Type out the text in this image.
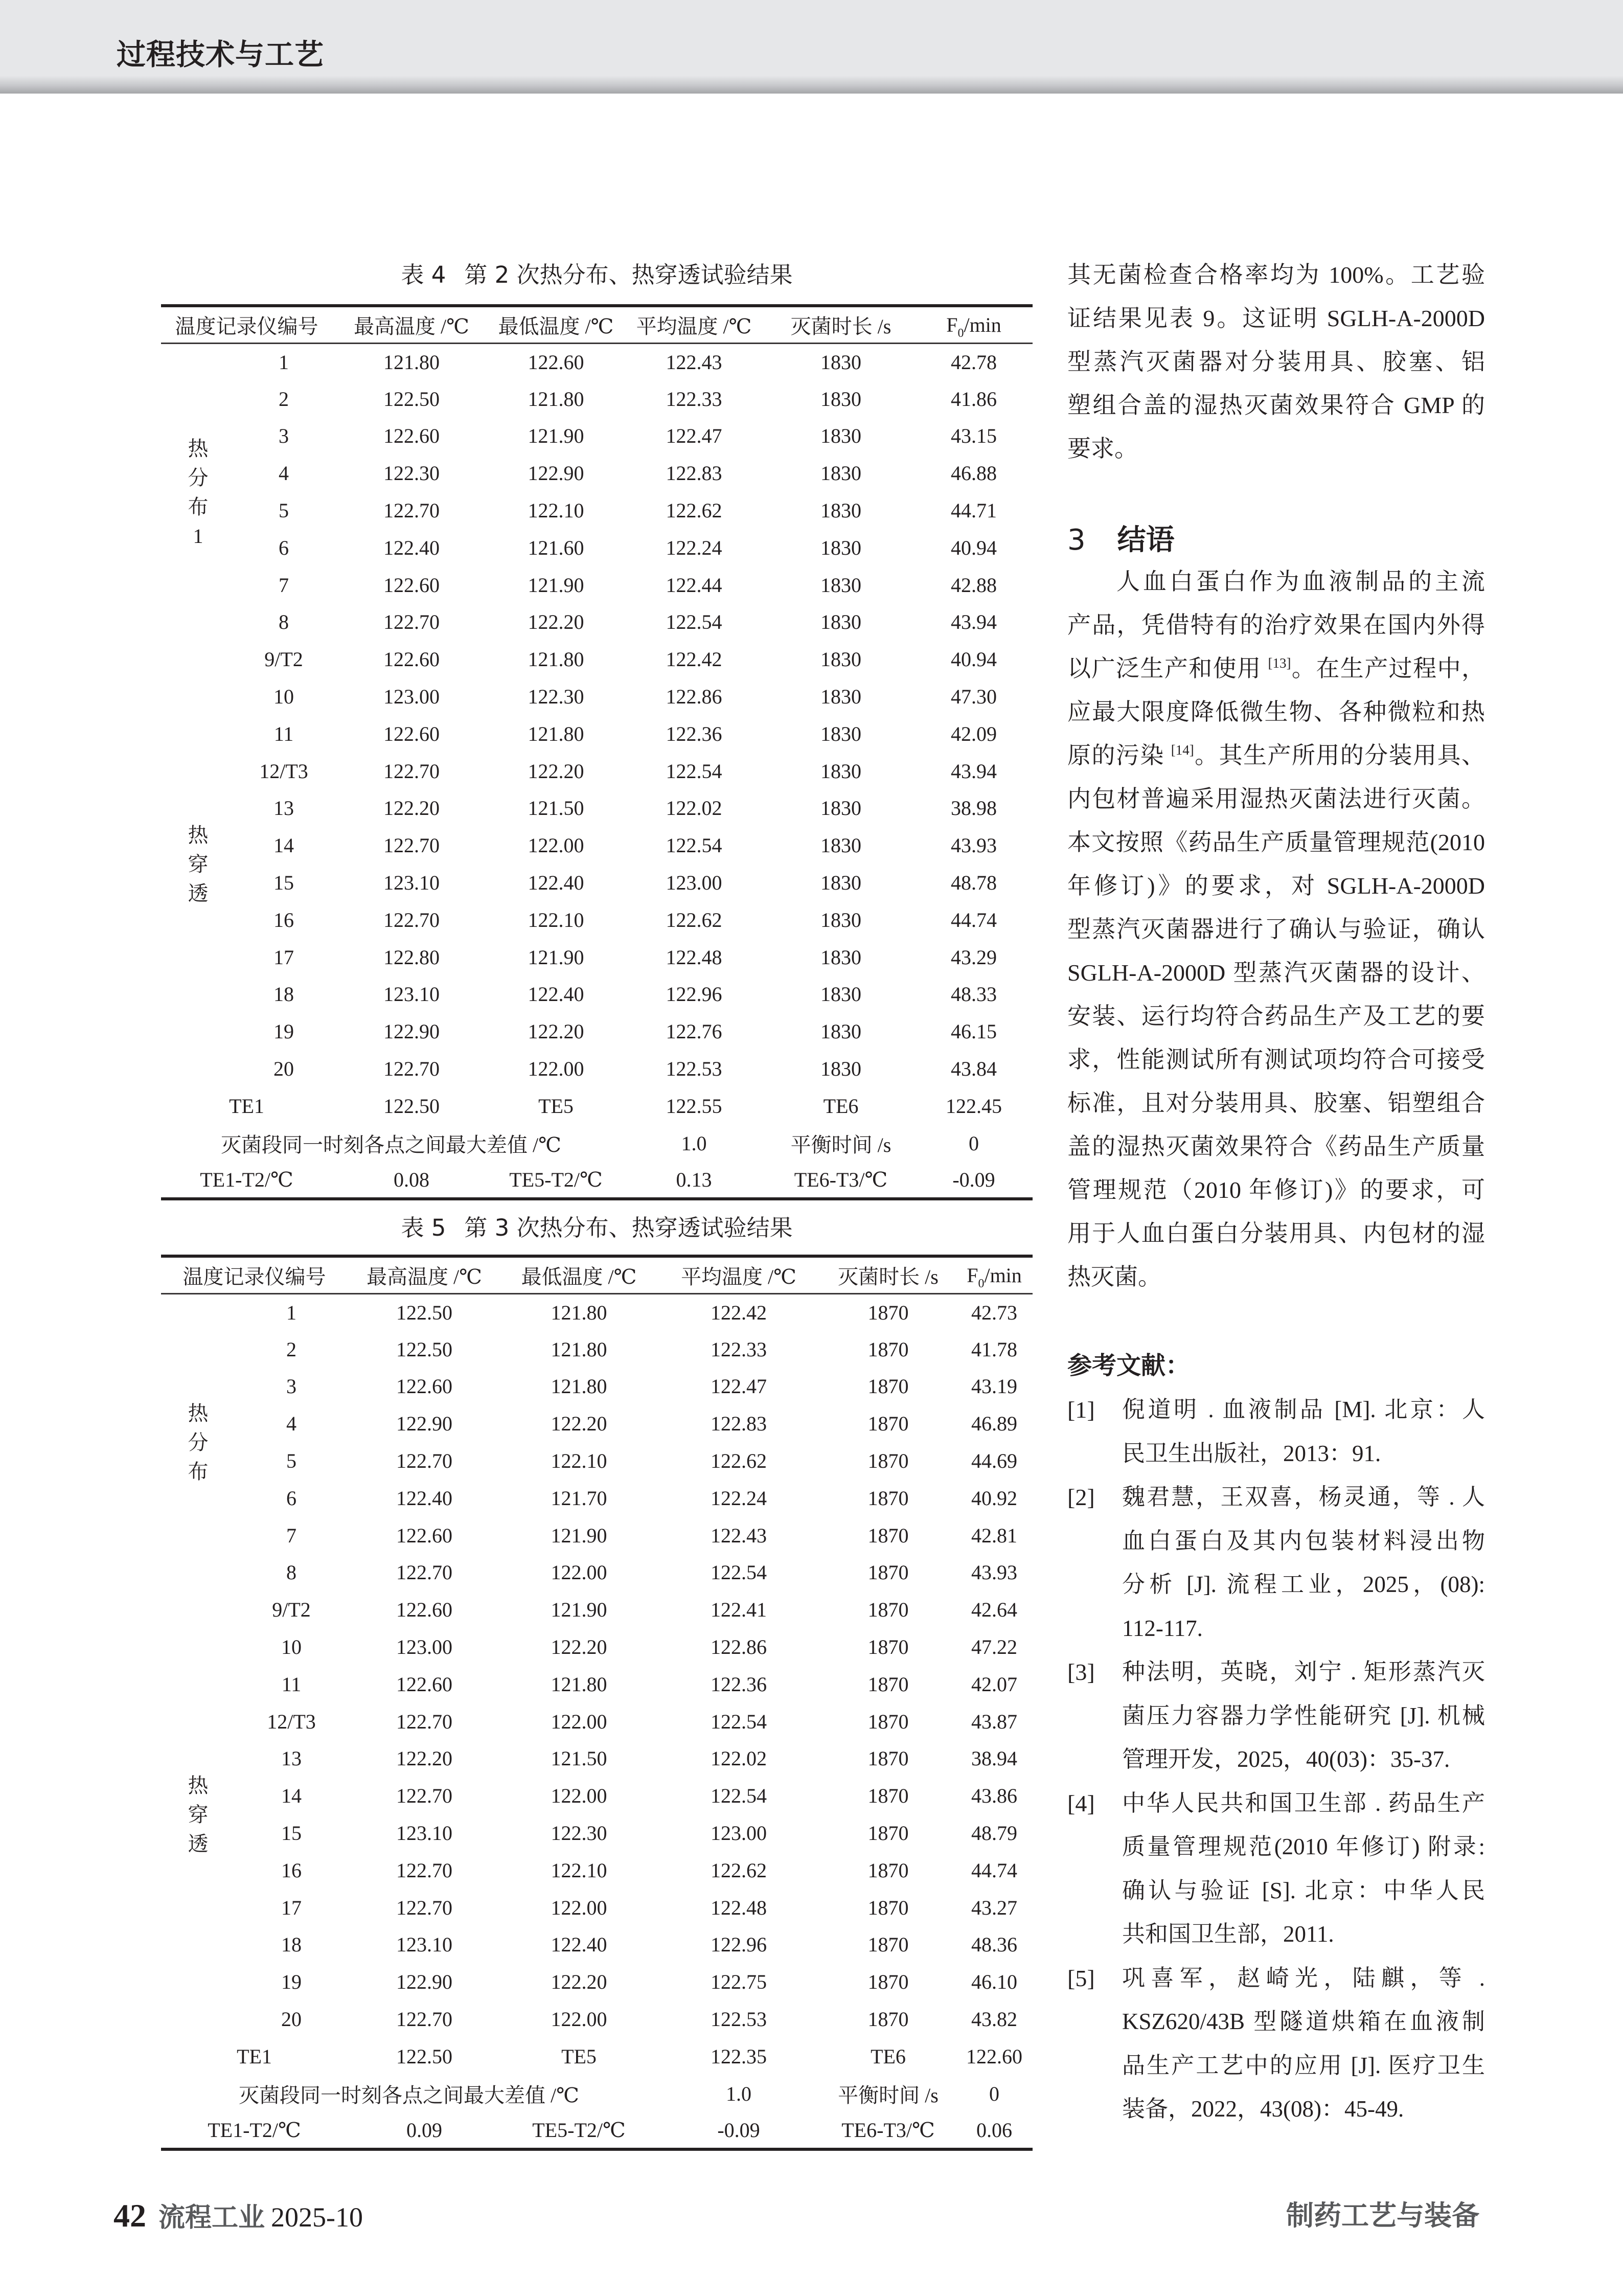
过程技术与工艺
表 4 第 2 次热分布、热穿透试验结果
温度记录仪编号		最高温度 /℃	最低温度 /℃	平均温度 /℃	灭菌时长 /s	$F_0/\min$

热
分
布
1	1	121.80	122.60	122.43	1830	42.78
	2	122.50	121.80	122.33	1830	41.86
	3	122.60	121.90	122.47	1830	43.15
	4	122.30	122.90	122.83	1830	46.88
	5	122.70	122.10	122.62	1830	44.71
	6	122.40	121.60	122.24	1830	40.94
	7	122.60	121.90	122.44	1830	42.88
	8	122.70	122.20	122.54	1830	43.94

热
穿
透	9/T2	122.60	121.80	122.42	1830	40.94
	10	123.00	122.30	122.86	1830	47.30
	11	122.60	121.80	122.36	1830	42.09
	12/T3	122.70	122.20	122.54	1830	43.94
	13	122.20	121.50	122.02	1830	38.98
	14	122.70	122.00	122.54	1830	43.93
	15	123.10	122.40	123.00	1830	48.78
	16	122.70	122.10	122.62	1830	44.74
	17	122.80	121.90	122.48	1830	43.29
	18	123.10	122.40	122.96	1830	48.33
	19	122.90	122.20	122.76	1830	46.15
	20	122.70	122.00	122.53	1830	43.84
TE1		122.50	TE5	122.55	TE6	122.45
灭菌段同一时刻各点之间最大差值 /℃				1.0	平衡时间 /s	0
TE1-T2/℃		0.08	TE5-T2/℃	0.13	TE6-T3/℃	-0.09
表 5 第 3 次热分布、热穿透试验结果
温度记录仪编号		最高温度 /℃	最低温度 /℃	平均温度 /℃	灭菌时长 /s	$F_0/\min$

热
分
布	1	122.50	121.80	122.42	1870	42.73
	2	122.50	121.80	122.33	1870	41.78
	3	122.60	121.80	122.47	1870	43.19
	4	122.90	122.20	122.83	1870	46.89
	5	122.70	122.10	122.62	1870	44.69
	6	122.40	121.70	122.24	1870	40.92
	7	122.60	121.90	122.43	1870	42.81
	8	122.70	122.00	122.54	1870	43.93

热
穿
透	9/T2	122.60	121.90	122.41	1870	42.64
	10	123.00	122.20	122.86	1870	47.22
	11	122.60	121.80	122.36	1870	42.07
	12/T3	122.70	122.00	122.54	1870	43.87
	13	122.20	121.50	122.02	1870	38.94
	14	122.70	122.00	122.54	1870	43.86
	15	123.10	122.30	123.00	1870	48.79
	16	122.70	122.10	122.62	1870	44.74
	17	122.70	122.00	122.48	1870	43.27
	18	123.10	122.40	122.96	1870	48.36
	19	122.90	122.20	122.75	1870	46.10
	20	122.70	122.00	122.53	1870	43.82
TE1		122.50	TE5	122.35	TE6	122.60
灭菌段同一时刻各点之间最大差值 /℃				1.0	平衡时间 /s	0
TE1-T2/℃		0.09	TE5-T2/℃	-0.09	TE6-T3/℃	0.06
3 结语
参考文献：
其无菌检查合格率均为 100%。工艺验
证结果见表 9。这证明 SGLH-A-2000D
型蒸汽灭菌器对分装用具、胶塞、铝
塑组合盖的湿热灭菌效果符合 GMP 的
要求。
人血白蛋白作为血液制品的主流
产品，凭借特有的治疗效果在国内外得
以广泛生产和使用 [13]。在生产过程中，
应最大限度降低微生物、各种微粒和热
原的污染 [14]。其生产所用的分装用具、
内包材普遍采用湿热灭菌法进行灭菌。
本文按照《药品生产质量管理规范(2010
年修订)》的要求，对 SGLH-A-2000D
型蒸汽灭菌器进行了确认与验证，确认
SGLH-A-2000D 型蒸汽灭菌器的设计、
安装、运行均符合药品生产及工艺的要
求，性能测试所有测试项均符合可接受
标准，且对分装用具、胶塞、铝塑组合
盖的湿热灭菌效果符合《药品生产质量
管理规范（2010 年修订)》的要求，可
用于人血白蛋白分装用具、内包材的湿
热灭菌。
[1] 倪道明 . 血液制品 [M]. 北京：人
民卫生出版社，2013：91.
[2] 魏君慧，王双喜，杨灵通，等 . 人
血白蛋白及其内包装材料浸出物
分析 [J]. 流程工业，2025，(08):
112-117.
[3] 种法明，英晓，刘宁 . 矩形蒸汽灭
菌压力容器力学性能研究 [J]. 机械
管理开发，2025，40(03)：35-37.
[4] 中华人民共和国卫生部 . 药品生产
质量管理规范(2010 年修订) 附录:
确认与验证 [S]. 北京：中华人民
共和国卫生部，2011.
[5] 巩喜军，赵崎光，陆麒，等 .
KSZ620/43B 型隧道烘箱在血液制
品生产工艺中的应用 [J]. 医疗卫生
装备，2022，43(08)：45-49.
42 流程工业 2025-10	制药工艺与装备
